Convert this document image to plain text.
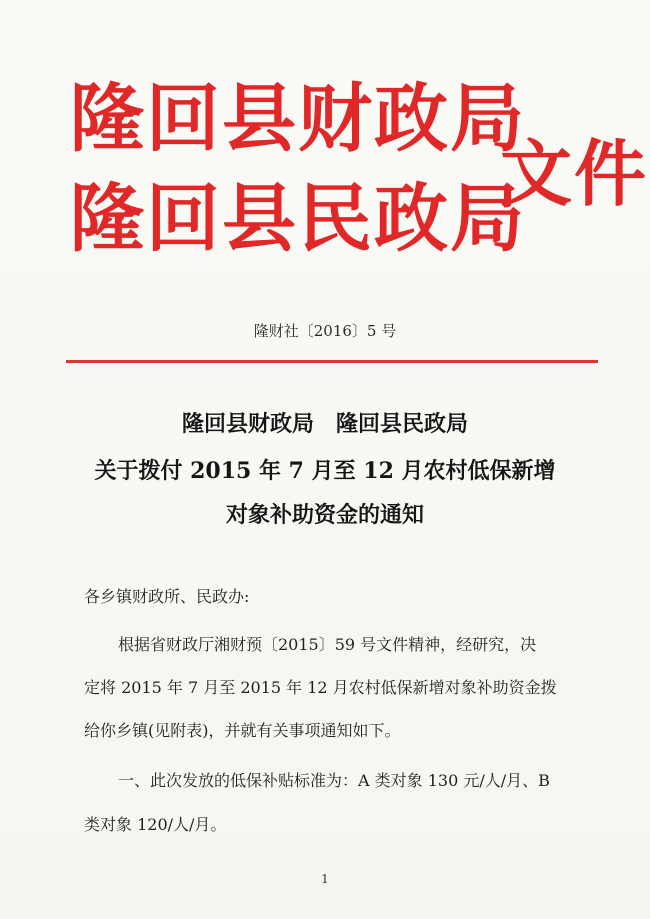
隆回县财政局
隆回县民政局
文件
隆财社〔2016〕5 号
隆回县财政局　隆回县民政局
关于拨付 2015 年 7 月至 12 月农村低保新增
对象补助资金的通知
各乡镇财政所、民政办:
根据省财政厅湘财预〔2015〕59 号文件精神，经研究，决
定将 2015 年 7 月至 2015 年 12 月农村低保新增对象补助资金拨
给你乡镇(见附表)，并就有关事项通知如下。
一、此次发放的低保补贴标准为：A 类对象 130 元/人/月、B
类对象 120/人/月。
1
